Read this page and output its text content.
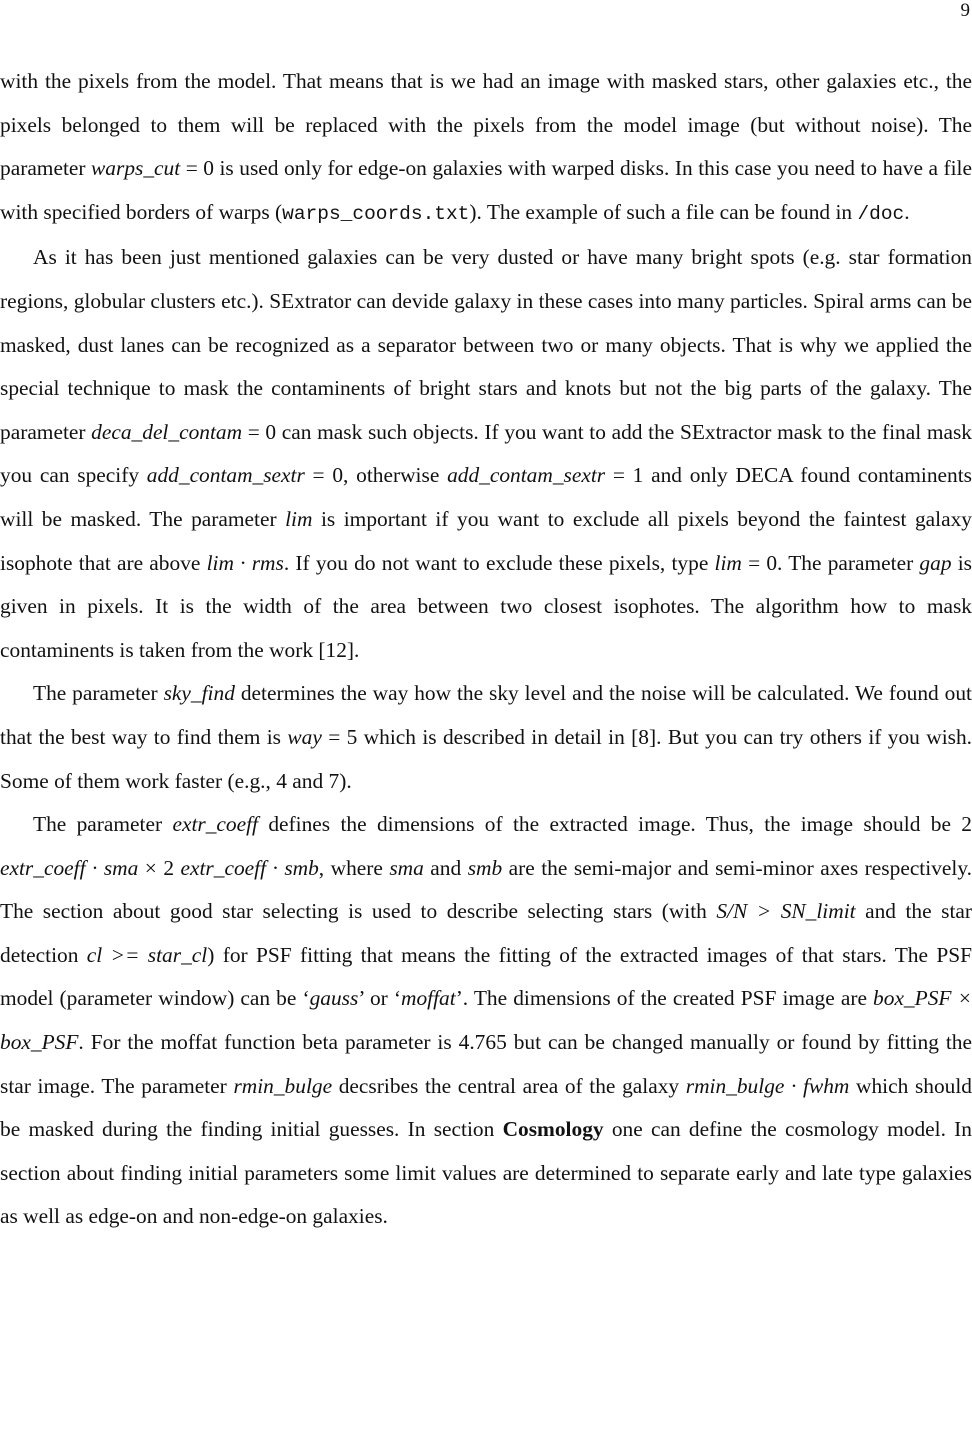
9

with the pixels from the model. That means that is we had an image with masked stars, other galaxies etc., the pixels belonged to them will be replaced with the pixels from the model image (but without noise). The parameter warps_cut = 0 is used only for edge-on galaxies with warped disks. In this case you need to have a file with specified borders of warps (warps_coords.txt). The example of such a file can be found in /doc.

As it has been just mentioned galaxies can be very dusted or have many bright spots (e.g. star formation regions, globular clusters etc.). SExtrator can devide galaxy in these cases into many particles. Spiral arms can be masked, dust lanes can be recognized as a separator between two or many objects. That is why we applied the special technique to mask the contaminents of bright stars and knots but not the big parts of the galaxy. The parameter deca_del_contam = 0 can mask such objects. If you want to add the SExtractor mask to the final mask you can specify add_contam_sextr = 0, otherwise add_contam_sextr = 1 and only DECA found contaminents will be masked. The parameter lim is important if you want to exclude all pixels beyond the faintest galaxy isophote that are above lim · rms. If you do not want to exclude these pixels, type lim = 0. The parameter gap is given in pixels. It is the width of the area between two closest isophotes. The algorithm how to mask contaminents is taken from the work [12].

The parameter sky_find determines the way how the sky level and the noise will be calculated. We found out that the best way to find them is way = 5 which is described in detail in [8]. But you can try others if you wish. Some of them work faster (e.g., 4 and 7).

The parameter extr_coeff defines the dimensions of the extracted image. Thus, the image should be 2 extr_coeff · sma × 2 extr_coeff · smb, where sma and smb are the semi-major and semi-minor axes respectively. The section about good star selecting is used to describe selecting stars (with S/N > SN_limit and the star detection cl >= star_cl) for PSF fitting that means the fitting of the extracted images of that stars. The PSF model (parameter window) can be ‘gauss’ or ‘moffat’. The dimensions of the created PSF image are box_PSF × box_PSF. For the moffat function beta parameter is 4.765 but can be changed manually or found by fitting the star image. The parameter rmin_bulge decsribes the central area of the galaxy rmin_bulge · fwhm which should be masked during the finding initial guesses. In section Cosmology one can define the cosmology model. In section about finding initial parameters some limit values are determined to separate early and late type galaxies as well as edge-on and non-edge-on galaxies.
